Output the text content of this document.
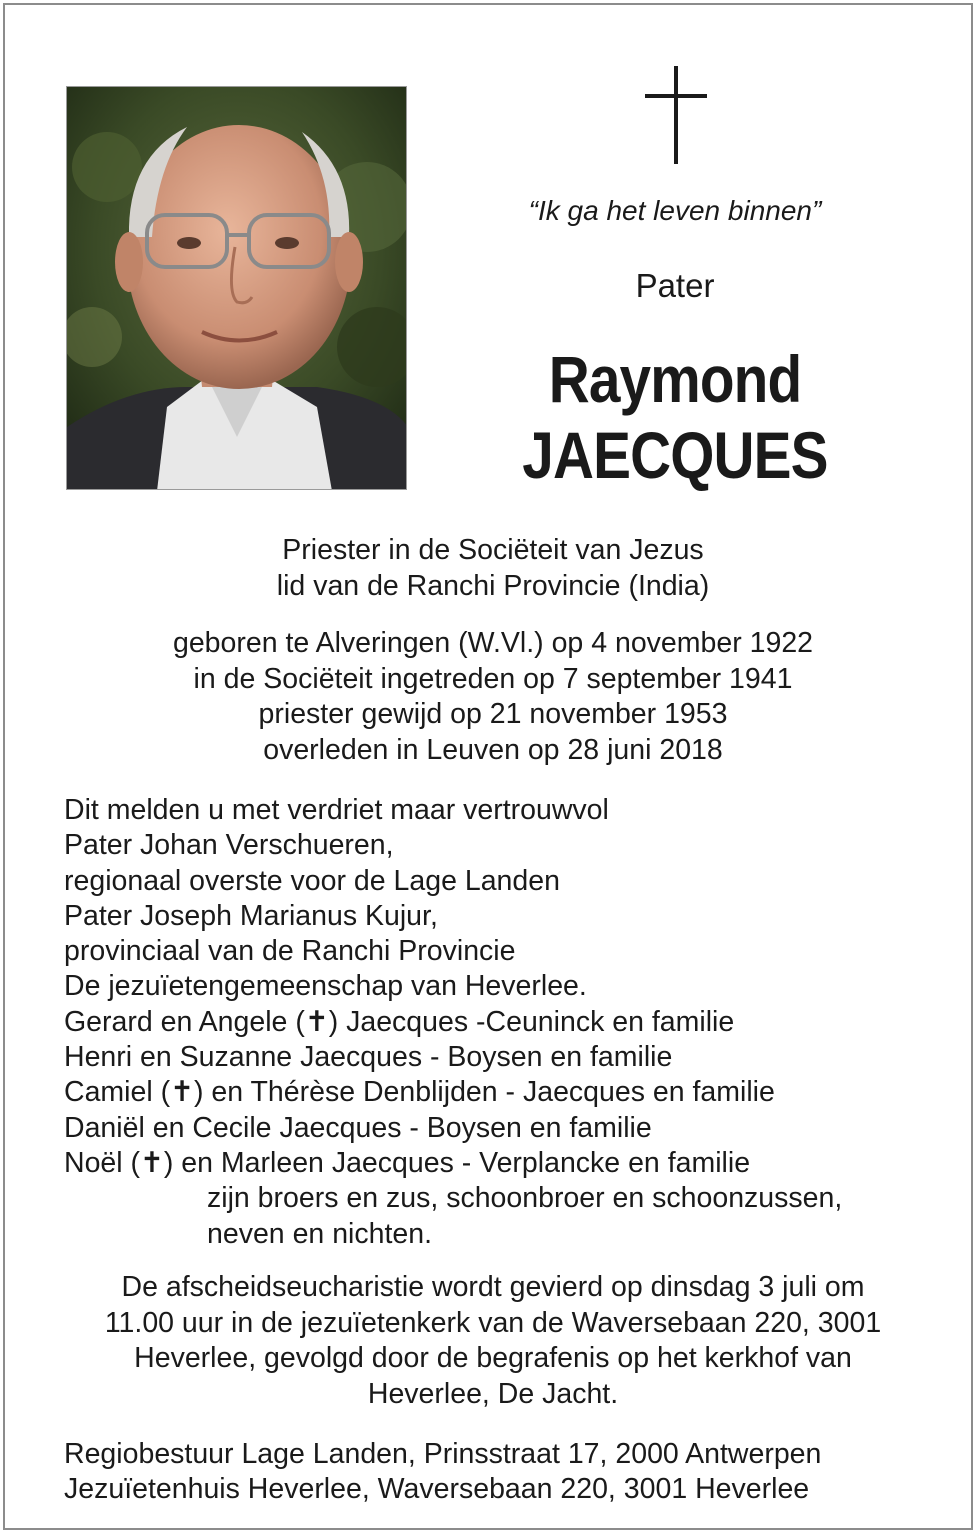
“Ik ga het leven binnen”
Pater
Raymond
JAECQUES
Priester in de Sociëteit van Jezus
lid van de Ranchi Provincie (India)
geboren te Alveringen (W.Vl.) op 4 november 1922
in de Sociëteit ingetreden op 7 september 1941
priester gewijd op 21 november 1953
overleden in Leuven op 28 juni 2018
Dit melden u met verdriet maar vertrouwvol
Pater Johan Verschueren,
regionaal overste voor de Lage Landen
Pater Joseph Marianus Kujur,
provinciaal van de Ranchi Provincie
De jezuïetengemeenschap van Heverlee.
Gerard en Angele (✝) Jaecques -Ceuninck en familie
Henri en Suzanne Jaecques - Boysen en familie
Camiel (✝) en Thérèse Denblijden - Jaecques en familie
Daniël en Cecile Jaecques - Boysen en familie
Noël (✝) en Marleen Jaecques - Verplancke en familie
zijn broers en zus, schoonbroer en schoonzussen,
neven en nichten.
De afscheidseucharistie wordt gevierd op dinsdag 3 juli om
11.00 uur in de jezuïetenkerk van de Waversebaan 220, 3001
Heverlee, gevolgd door de begrafenis op het kerkhof van
Heverlee, De Jacht.
Regiobestuur Lage Landen, Prinsstraat 17, 2000 Antwerpen
Jezuïetenhuis Heverlee, Waversebaan 220, 3001 Heverlee
